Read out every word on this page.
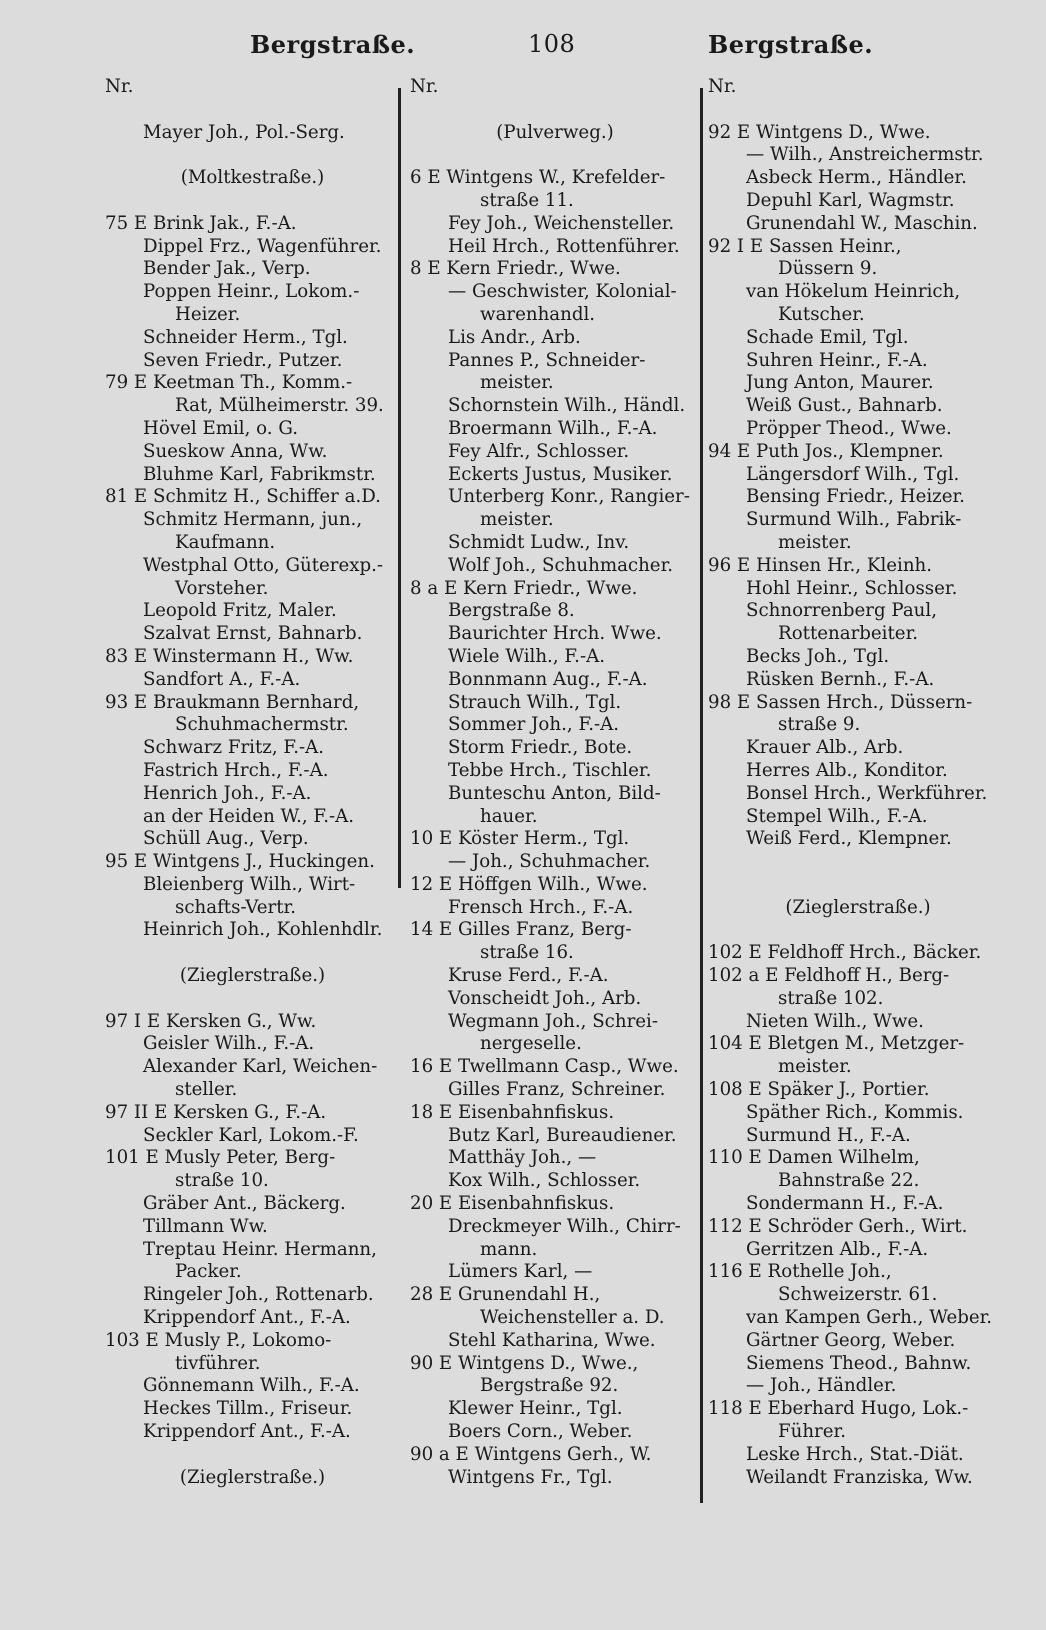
Bergstraße.	108	Bergstraße.
Nr.
Mayer Joh., Pol.-Serg.
(Moltkestraße.)
75 E Brink Jak., F.-A.
Dippel Frz., Wagenführer.
Bender Jak., Verp.
Poppen Heinr., Lokom.-
Heizer.
Schneider Herm., Tgl.
Seven Friedr., Putzer.
79 E Keetman Th., Komm.-
Rat, Mülheimerstr. 39.
Hövel Emil, o. G.
Sueskow Anna, Ww.
Bluhme Karl, Fabrikmstr.
81 E Schmitz H., Schiffer a.D.
Schmitz Hermann, jun.,
Kaufmann.
Westphal Otto, Güterexp.-
Vorsteher.
Leopold Fritz, Maler.
Szalvat Ernst, Bahnarb.
83 E Winstermann H., Ww.
Sandfort A., F.-A.
93 E Braukmann Bernhard,
Schuhmachermstr.
Schwarz Fritz, F.-A.
Fastrich Hrch., F.-A.
Henrich Joh., F.-A.
an der Heiden W., F.-A.
Schüll Aug., Verp.
95 E Wintgens J., Huckingen.
Bleienberg Wilh., Wirt-
schafts-Vertr.
Heinrich Joh., Kohlenhdlr.
(Zieglerstraße.)
97 I E Kersken G., Ww.
Geisler Wilh., F.-A.
Alexander Karl, Weichen-
steller.
97 II E Kersken G., F.-A.
Seckler Karl, Lokom.-F.
101 E Musly Peter, Berg-
straße 10.
Gräber Ant., Bäckerg.
Tillmann Ww.
Treptau Heinr. Hermann,
Packer.
Ringeler Joh., Rottenarb.
Krippendorf Ant., F.-A.
103 E Musly P., Lokomo-
tivführer.
Gönnemann Wilh., F.-A.
Heckes Tillm., Friseur.
Krippendorf Ant., F.-A.
(Zieglerstraße.)
Nr.
(Pulverweg.)
6 E Wintgens W., Krefelder-
straße 11.
Fey Joh., Weichensteller.
Heil Hrch., Rottenführer.
8 E Kern Friedr., Wwe.
— Geschwister, Kolonial-
warenhandl.
Lis Andr., Arb.
Pannes P., Schneider-
meister.
Schornstein Wilh., Händl.
Broermann Wilh., F.-A.
Fey Alfr., Schlosser.
Eckerts Justus, Musiker.
Unterberg Konr., Rangier-
meister.
Schmidt Ludw., Inv.
Wolf Joh., Schuhmacher.
8 a E Kern Friedr., Wwe.
Bergstraße 8.
Baurichter Hrch. Wwe.
Wiele Wilh., F.-A.
Bonnmann Aug., F.-A.
Strauch Wilh., Tgl.
Sommer Joh., F.-A.
Storm Friedr., Bote.
Tebbe Hrch., Tischler.
Bunteschu Anton, Bild-
hauer.
10 E Köster Herm., Tgl.
— Joh., Schuhmacher.
12 E Höffgen Wilh., Wwe.
Frensch Hrch., F.-A.
14 E Gilles Franz, Berg-
straße 16.
Kruse Ferd., F.-A.
Vonscheidt Joh., Arb.
Wegmann Joh., Schrei-
nergeselle.
16 E Twellmann Casp., Wwe.
Gilles Franz, Schreiner.
18 E Eisenbahnfiskus.
Butz Karl, Bureaudiener.
Matthäy Joh., —
Kox Wilh., Schlosser.
20 E Eisenbahnfiskus.
Dreckmeyer Wilh., Chirr-
mann.
Lümers Karl, —
28 E Grunendahl H.,
Weichensteller a. D.
Stehl Katharina, Wwe.
90 E Wintgens D., Wwe.,
Bergstraße 92.
Klewer Heinr., Tgl.
Boers Corn., Weber.
90 a E Wintgens Gerh., W.
Wintgens Fr., Tgl.
Nr.
92 E Wintgens D., Wwe.
— Wilh., Anstreichermstr.
Asbeck Herm., Händler.
Depuhl Karl, Wagmstr.
Grunendahl W., Maschin.
92 I E Sassen Heinr.,
Düssern 9.
van Hökelum Heinrich,
Kutscher.
Schade Emil, Tgl.
Suhren Heinr., F.-A.
Jung Anton, Maurer.
Weiß Gust., Bahnarb.
Pröpper Theod., Wwe.
94 E Puth Jos., Klempner.
Längersdorf Wilh., Tgl.
Bensing Friedr., Heizer.
Surmund Wilh., Fabrik-
meister.
96 E Hinsen Hr., Kleinh.
Hohl Heinr., Schlosser.
Schnorrenberg Paul,
Rottenarbeiter.
Becks Joh., Tgl.
Rüsken Bernh., F.-A.
98 E Sassen Hrch., Düssern-
straße 9.
Krauer Alb., Arb.
Herres Alb., Konditor.
Bonsel Hrch., Werkführer.
Stempel Wilh., F.-A.
Weiß Ferd., Klempner.
(Zieglerstraße.)
102 E Feldhoff Hrch., Bäcker.
102 a E Feldhoff H., Berg-
straße 102.
Nieten Wilh., Wwe.
104 E Bletgen M., Metzger-
meister.
108 E Späker J., Portier.
Späther Rich., Kommis.
Surmund H., F.-A.
110 E Damen Wilhelm,
Bahnstraße 22.
Sondermann H., F.-A.
112 E Schröder Gerh., Wirt.
Gerritzen Alb., F.-A.
116 E Rothelle Joh.,
Schweizerstr. 61.
van Kampen Gerh., Weber.
Gärtner Georg, Weber.
Siemens Theod., Bahnw.
— Joh., Händler.
118 E Eberhard Hugo, Lok.-
Führer.
Leske Hrch., Stat.-Diät.
Weilandt Franziska, Ww.
